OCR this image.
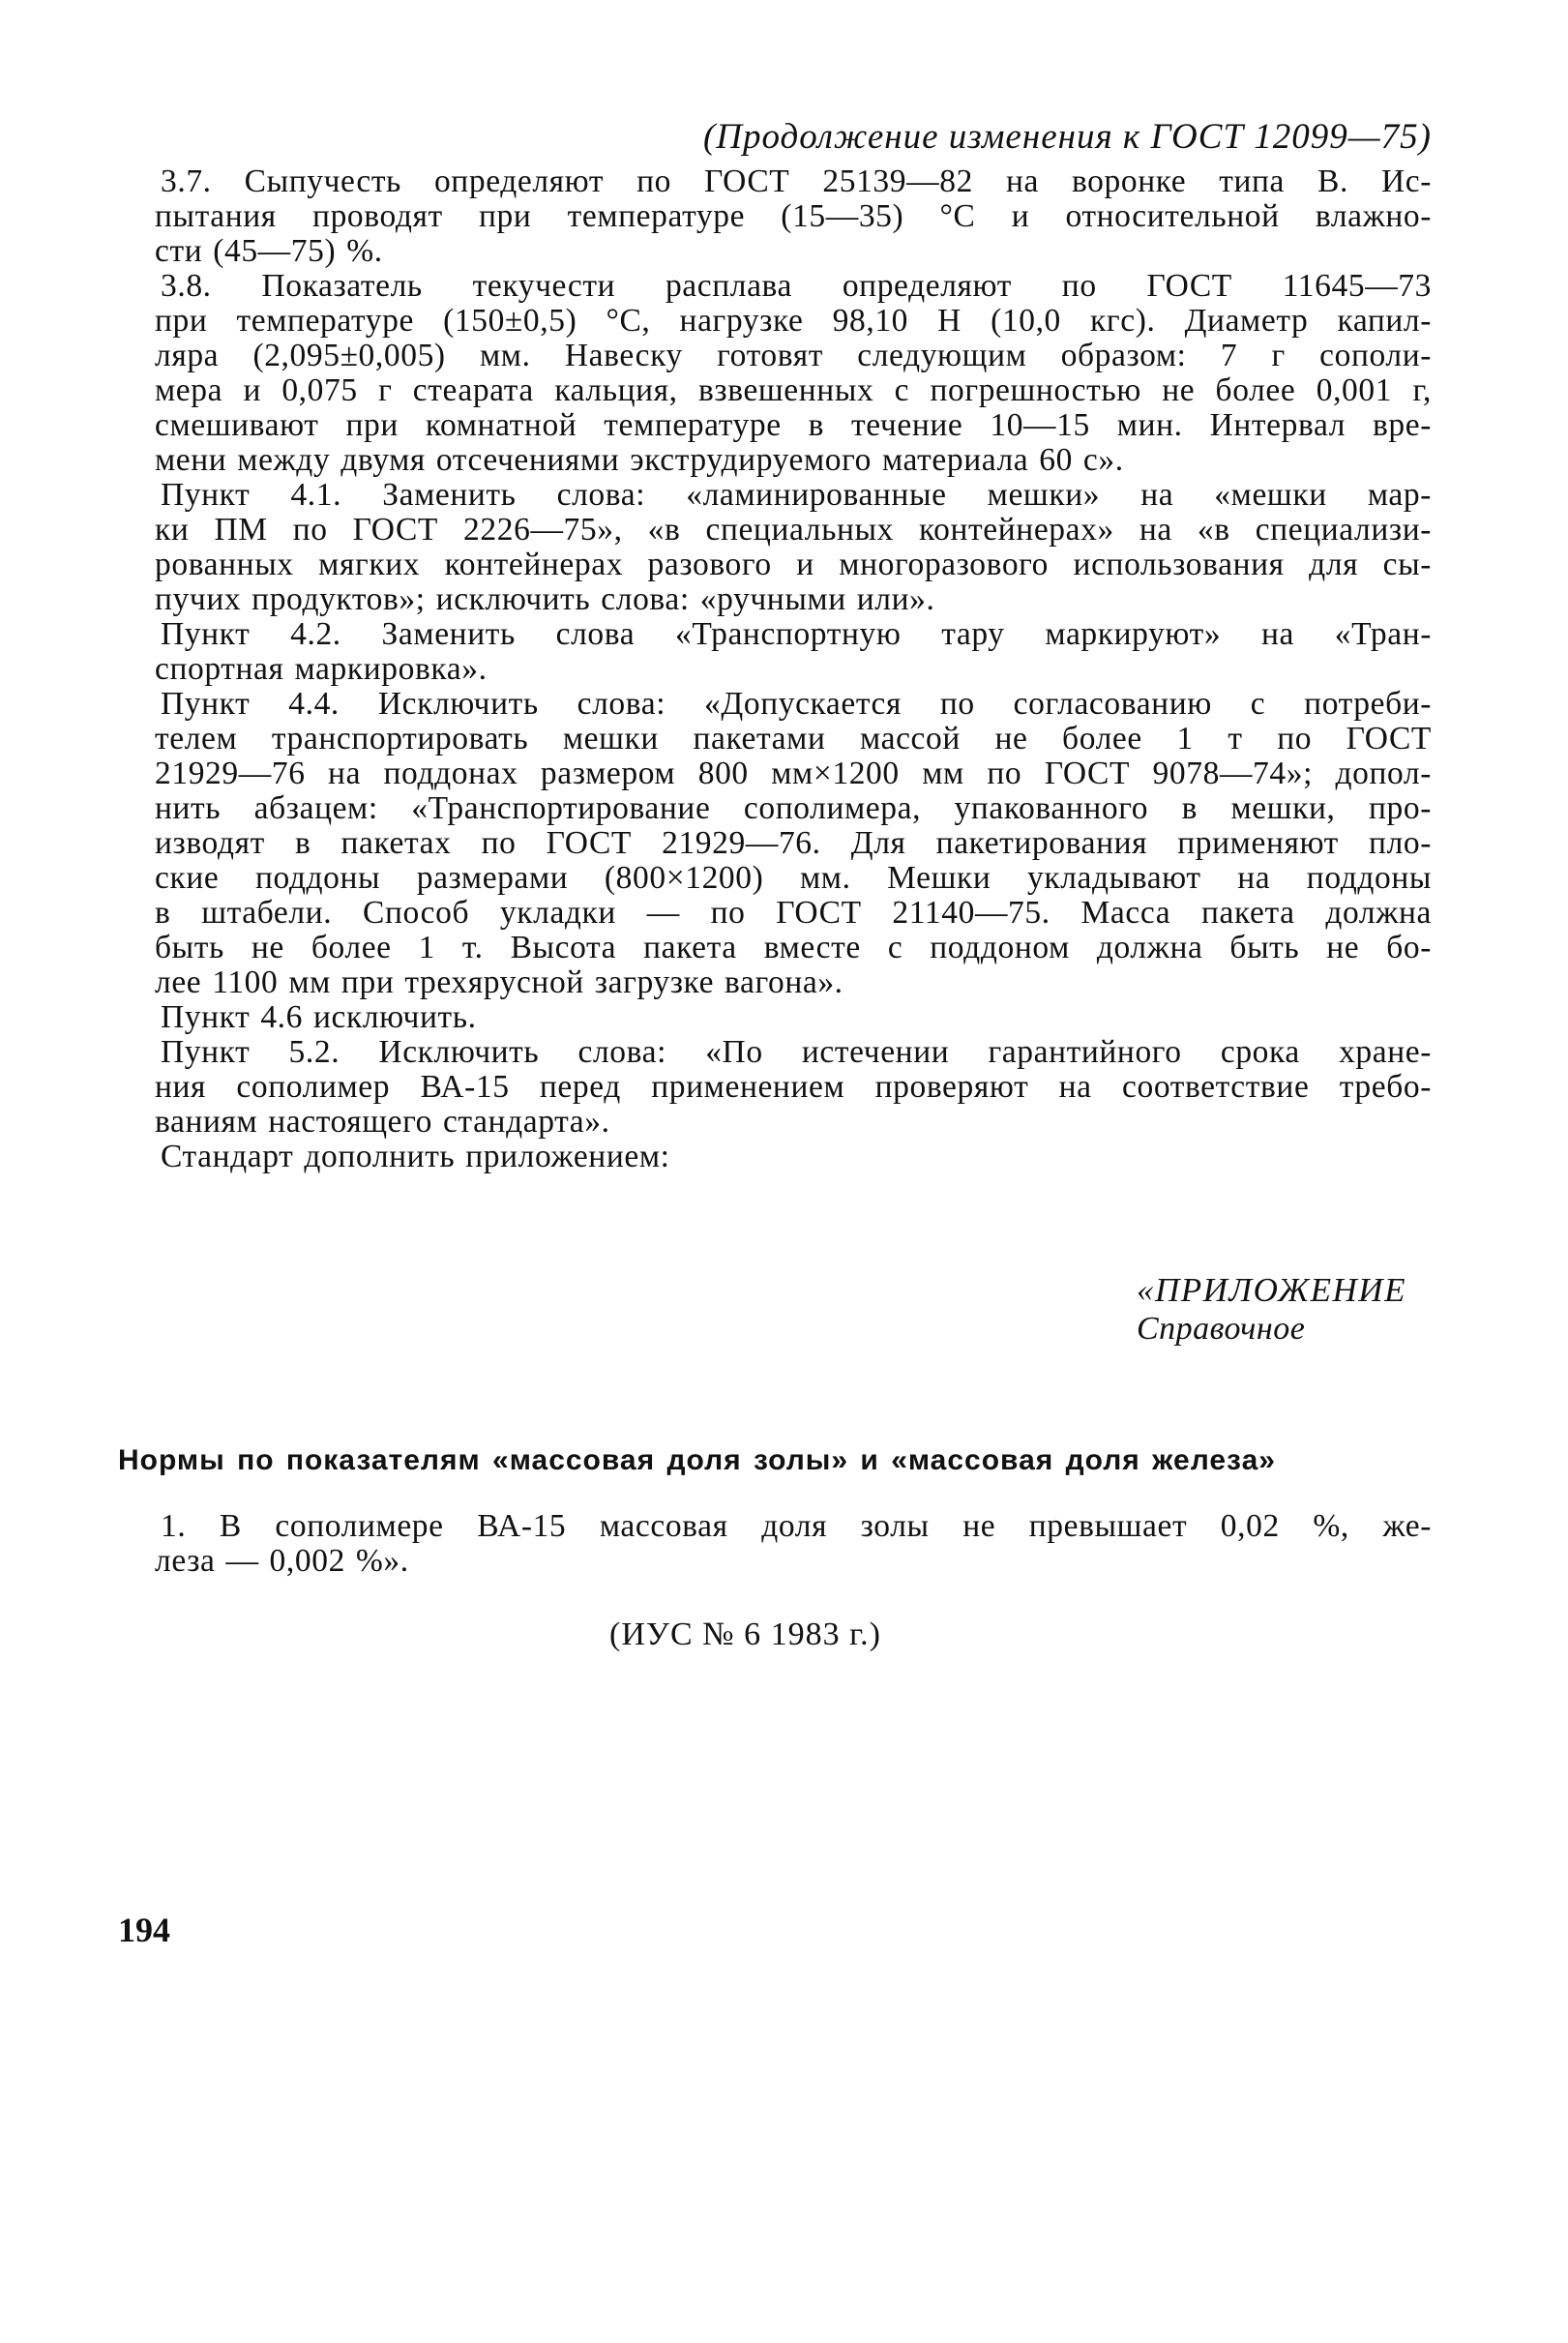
(Продолжение изменения к ГОСТ 12099—75)
3.7. Сыпучесть определяют по ГОСТ 25139—82 на воронке типа В. Ис-
пытания проводят при температуре (15—35) °С и относительной влажно-
сти (45—75) %.
3.8. Показатель текучести расплава определяют по ГОСТ 11645—73
при температуре (150±0,5) °С, нагрузке 98,10 Н (10,0 кгс). Диаметр капил-
ляра (2,095±0,005) мм. Навеску готовят следующим образом: 7 г сополи-
мера и 0,075 г стеарата кальция, взвешенных с погрешностью не более 0,001 г,
смешивают при комнатной температуре в течение 10—15 мин. Интервал вре-
мени между двумя отсечениями экструдируемого материала 60 с».
Пункт 4.1. Заменить слова: «ламинированные мешки» на «мешки мар-
ки ПМ по ГОСТ 2226—75», «в специальных контейнерах» на «в специализи-
рованных мягких контейнерах разового и многоразового использования для сы-
пучих продуктов»; исключить слова: «ручными или».
Пункт 4.2. Заменить слова «Транспортную тару маркируют» на «Тран-
спортная маркировка».
Пункт 4.4. Исключить слова: «Допускается по согласованию с потреби-
телем транспортировать мешки пакетами массой не более 1 т по ГОСТ
21929—76 на поддонах размером 800 мм×1200 мм по ГОСТ 9078—74»; допол-
нить абзацем: «Транспортирование сополимера, упакованного в мешки, про-
изводят в пакетах по ГОСТ 21929—76. Для пакетирования применяют пло-
ские поддоны размерами (800×1200) мм. Мешки укладывают на поддоны
в штабели. Способ укладки — по ГОСТ 21140—75. Масса пакета должна
быть не более 1 т. Высота пакета вместе с поддоном должна быть не бо-
лее 1100 мм при трехярусной загрузке вагона».
Пункт 4.6 исключить.
Пункт 5.2. Исключить слова: «По истечении гарантийного срока хране-
ния сополимер ВА-15 перед применением проверяют на соответствие требо-
ваниям настоящего стандарта».
Стандарт дополнить приложением:
«ПРИЛОЖЕНИЕ
Справочное
Нормы по показателям «массовая доля золы» и «массовая доля железа»
1. В сополимере ВА-15 массовая доля золы не превышает 0,02 %, же-
леза — 0,002 %».
(ИУС № 6 1983 г.)
194
